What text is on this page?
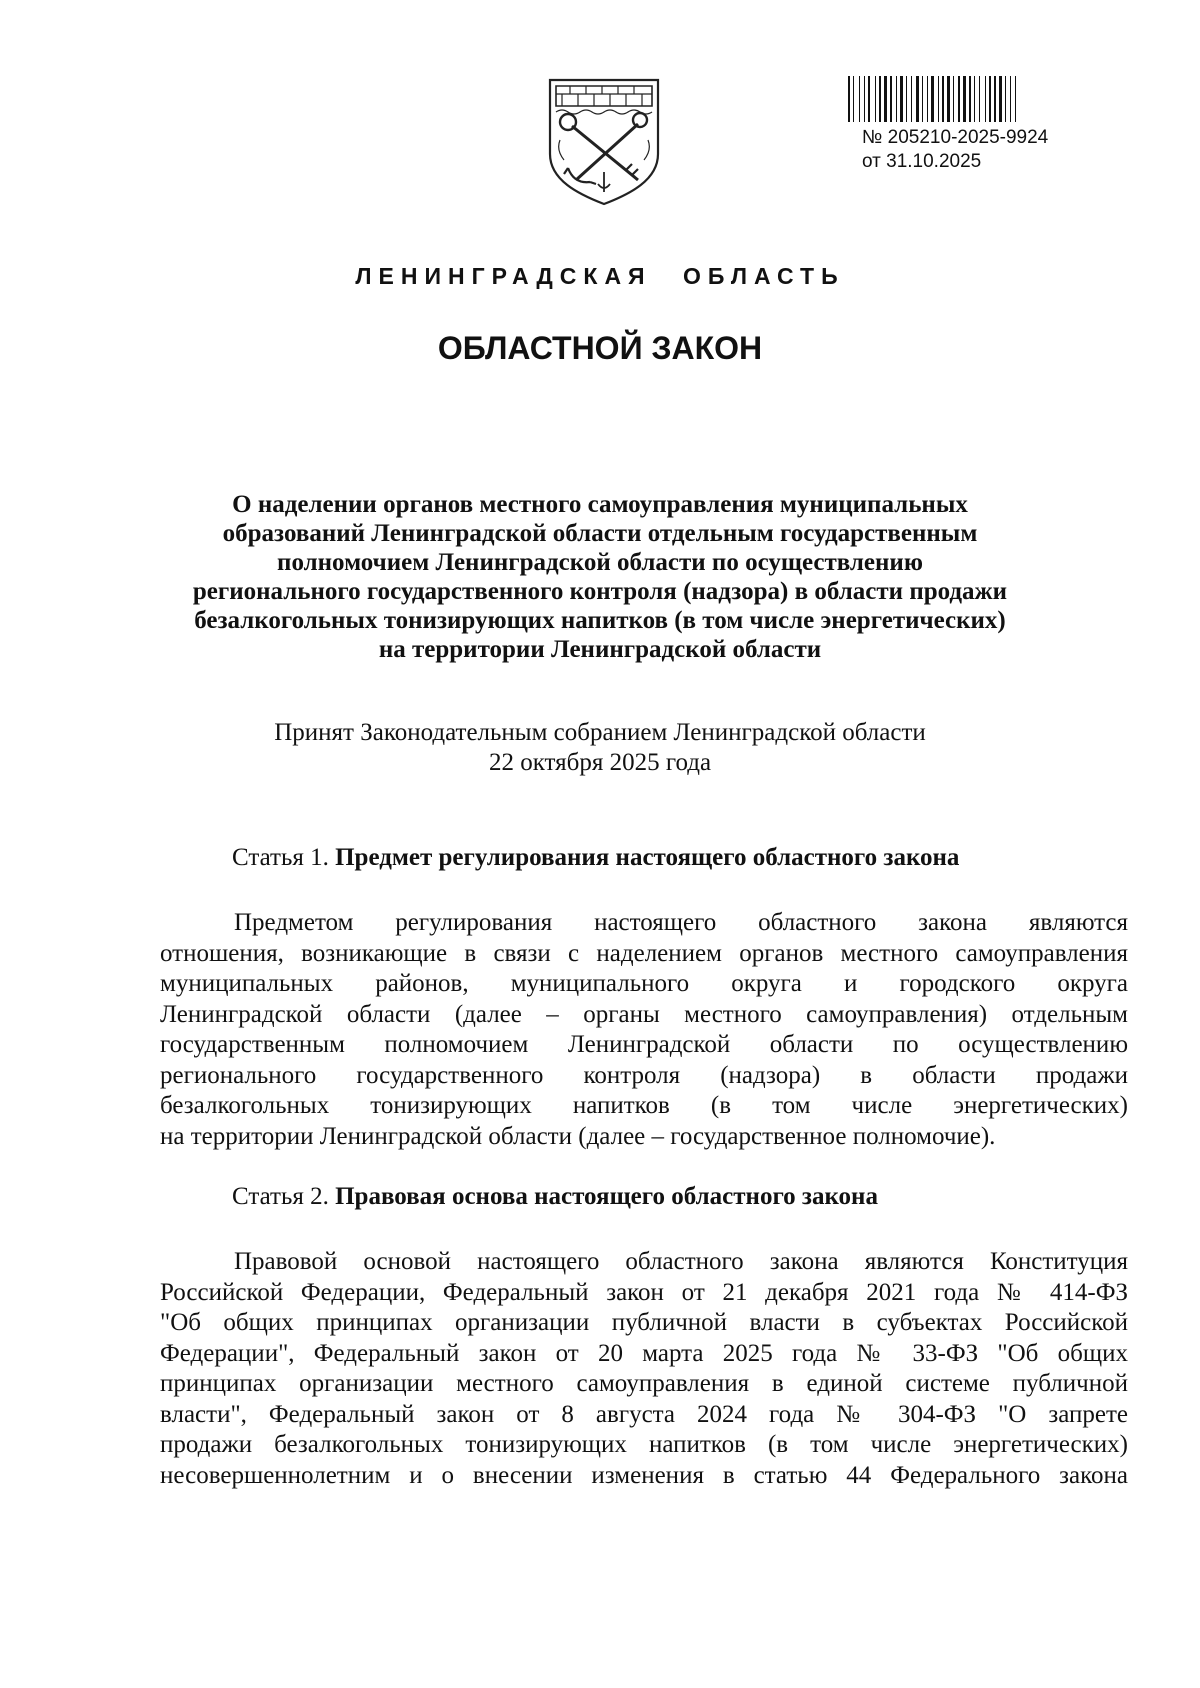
№ 205210-2025-9924
от 31.10.2025
ЛЕНИНГРАДСКАЯ ОБЛАСТЬ
ОБЛАСТНОЙ ЗАКОН
О наделении органов местного самоуправления муниципальных
образований Ленинградской области отдельным государственным
полномочием Ленинградской области по осуществлению
регионального государственного контроля (надзора) в области продажи
безалкогольных тонизирующих напитков (в том числе энергетических)
на территории Ленинградской области
Принят Законодательным собранием Ленинградской области
22 октября 2025 года
Статья 1. Предмет регулирования настоящего областного закона
Предметом регулирования настоящего областного закона являются
отношения, возникающие в связи с наделением органов местного самоуправления
муниципальных районов, муниципального округа и городского округа
Ленинградской области (далее – органы местного самоуправления) отдельным
государственным полномочием Ленинградской области по осуществлению
регионального государственного контроля (надзора) в области продажи
безалкогольных тонизирующих напитков (в том числе энергетических)
на территории Ленинградской области (далее – государственное полномочие).
Статья 2. Правовая основа настоящего областного закона
Правовой основой настоящего областного закона являются Конституция
Российской Федерации, Федеральный закон от 21 декабря 2021 года № 414-ФЗ
"Об общих принципах организации публичной власти в субъектах Российской
Федерации", Федеральный закон от 20 марта 2025 года № 33-ФЗ "Об общих
принципах организации местного самоуправления в единой системе публичной
власти", Федеральный закон от 8 августа 2024 года № 304-ФЗ "О запрете
продажи безалкогольных тонизирующих напитков (в том числе энергетических)
несовершеннолетним и о внесении изменения в статью 44 Федерального закона
